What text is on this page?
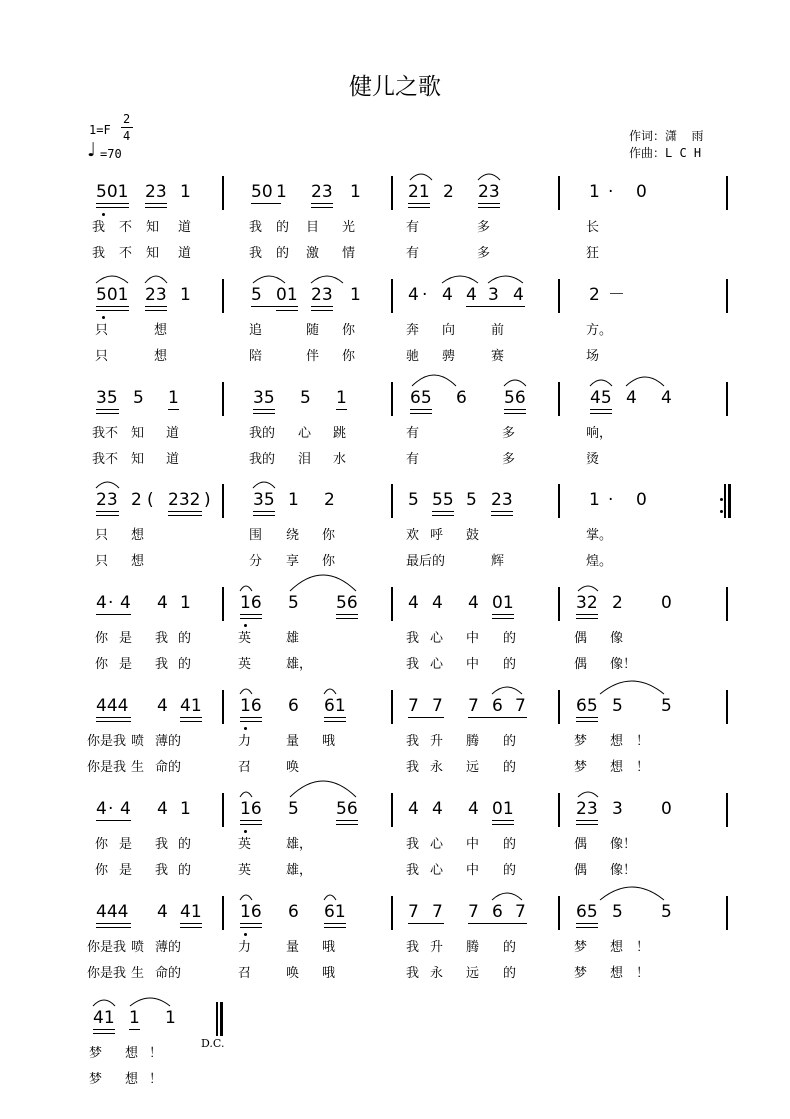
健儿之歌
1=F
2
4
♩ =70
作词：潇  雨
作曲：L C H
D.C.
501 23 1	50 1 23 1	21 2 23	1 · 0
我 不 知 道	我 的 目 光	有	多	长
我 不 知 道	我 的 激 情	有	多	狂
501 23 1	5 01 23 1	4 · 4 4 3 4	2 －
只	想	追	随 你	奔 向	前	方。
只	想	陪	伴 你	驰 骋	赛	场
35 5 1	35 5 1	65 6 56	45 4 4
我不 知 道	我的 心 跳	有	多	响，
我不 知 道	我的 泪 水	有	多	烫
23 2 ( 232 ) 35 1 2	5 55 5 23	1 · 0
只 想	围 绕 你	欢 呼 鼓	掌。
只 想	分 享 你	最后的	辉	煌。
4 · 4 4 1	16 5 56	4 4 4 01	32 2 0
你 是 我 的	英	雄	我 心 中 的	偶 像
你 是 我 的	英	雄，	我 心 中 的	偶 像！
444 4 41 16 6 61	7 7 7 6 7	65 5 5
你是我 喷 薄的	力	量 哦	我 升 腾 的	梦 想 ！
你是我 生 命的	召	唤	我 永 远 的	梦 想 ！
4 · 4 4 1	16 5 56	4 4 4 01	23 3 0
你 是 我 的	英	雄，	我 心 中 的	偶 像！
你 是 我 的	英	雄，	我 心 中 的	偶 像！
444 4 41 16 6 61	7 7 7 6 7	65 5 5
你是我 喷 薄的	力	量 哦	我 升 腾 的	梦 想 ！
你是我 生 命的	召	唤 哦	我 永 远 的	梦 想 ！
41 1 1
梦 想 ！
梦 想 ！
